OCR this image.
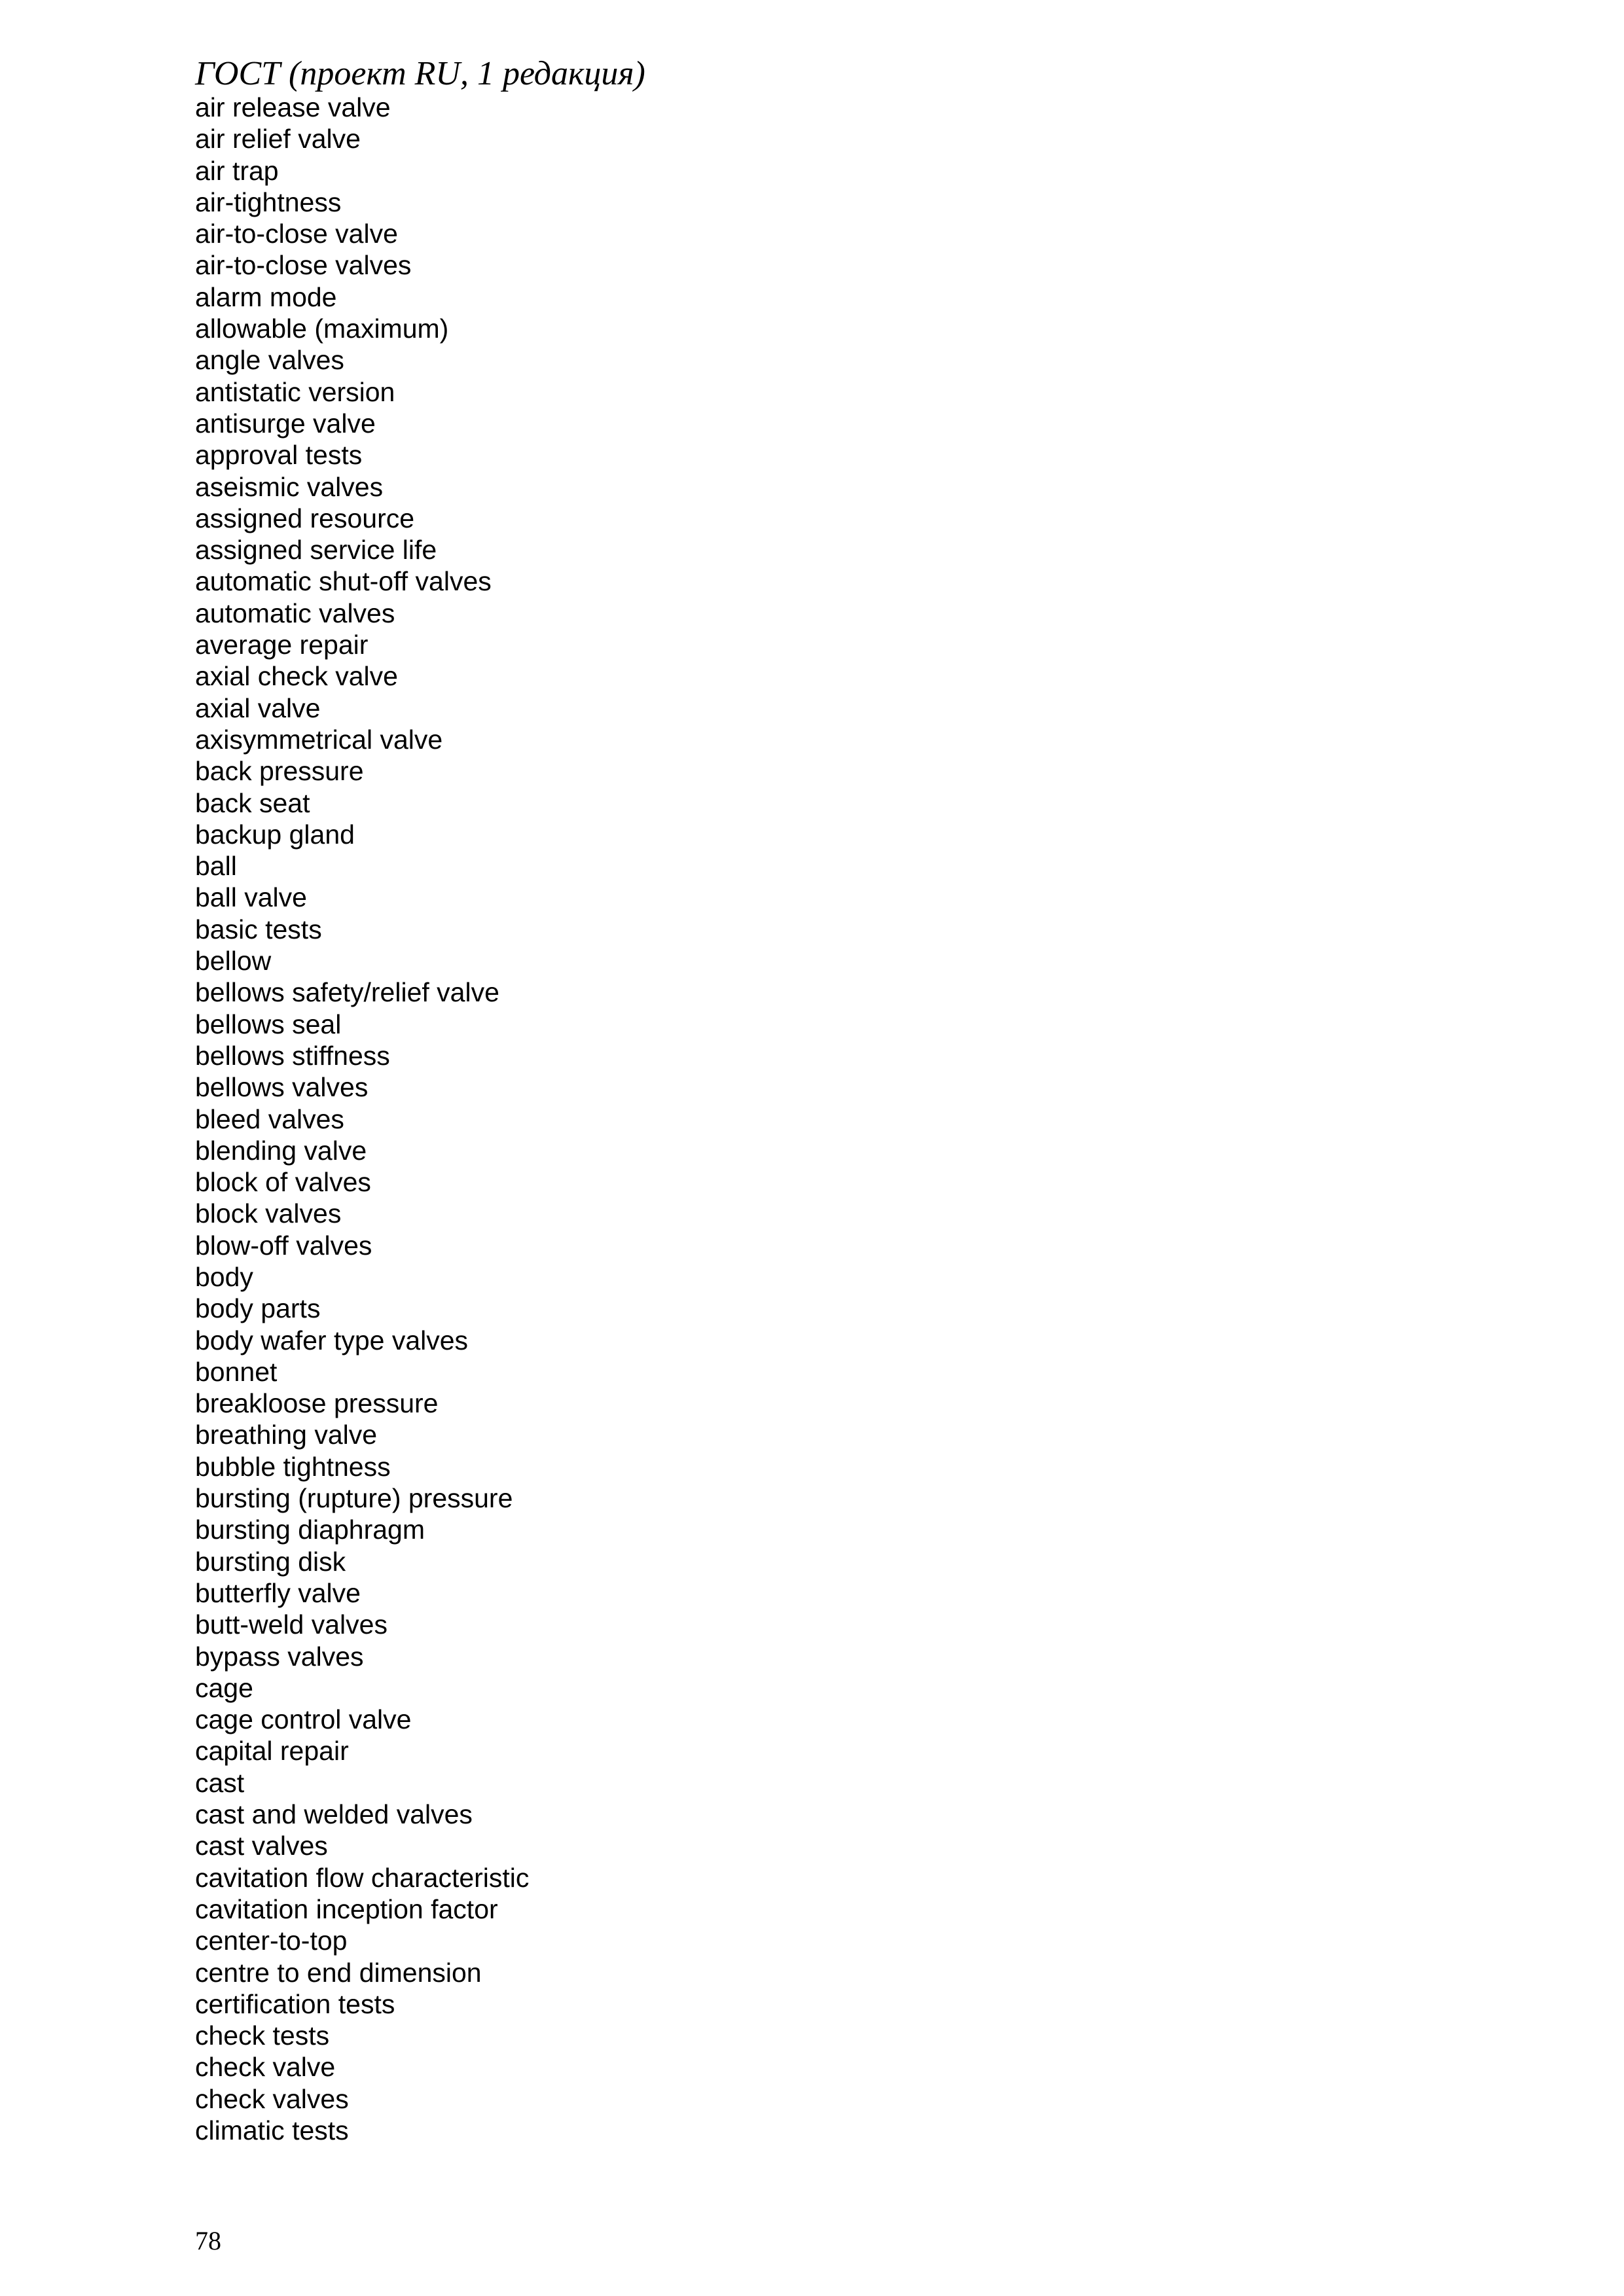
ГОСТ (проект RU, 1 редакция)
air release valve
air relief valve
air trap
air-tightness
air-to-close valve
air-to-close valves
alarm mode
allowable (maximum)
angle valves
antistatic version
antisurge valve
approval tests
aseismic valves
assigned resource
assigned service life
automatic shut-off valves
automatic valves
average repair
axial check valve
axial valve
axisymmetrical valve
back pressure
back seat
backup gland
ball
ball valve
basic tests
bellow
bellows safety/relief valve
bellows seal
bellows stiffness
bellows valves
bleed valves
blending valve
block of valves
block valves
blow-off valves
body
body parts
body wafer type valves
bonnet
breakloose pressure
breathing valve
bubble tightness
bursting (rupture) pressure
bursting diaphragm
bursting disk
butterfly valve
butt-weld valves
bypass valves
cage
cage control valve
capital repair
cast
cast and welded valves
cast valves
cavitation flow characteristic
cavitation inception factor
center-to-top
centre to end dimension
certification tests
check tests
check valve
check valves
climatic tests
78
